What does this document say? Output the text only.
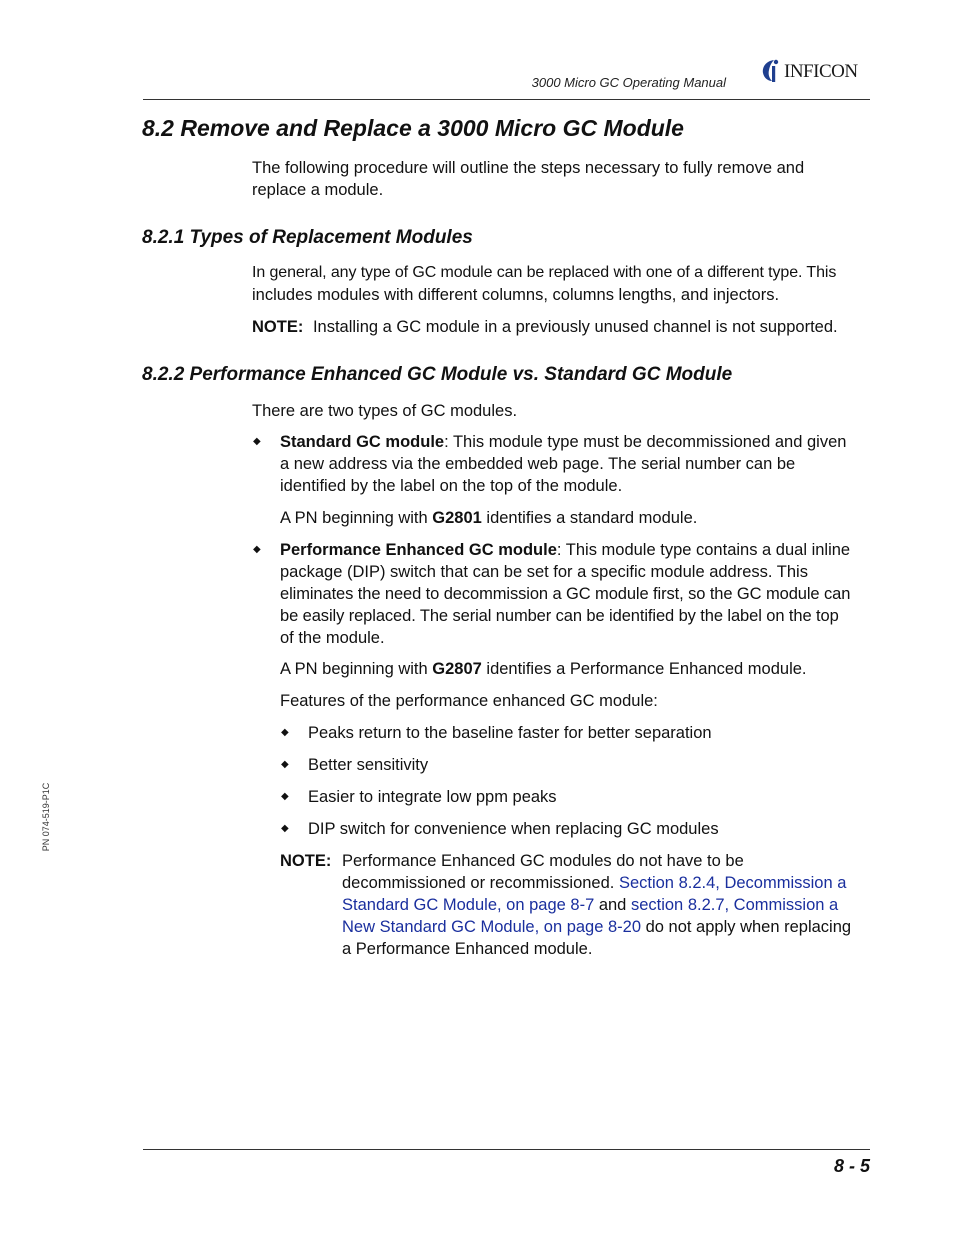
3000 Micro GC Operating Manual
INFICON
PN 074-519-P1C
8.2 Remove and Replace a 3000 Micro GC Module

The following procedure will outline the steps necessary to fully remove and

replace a module.

8.2.1 Types of Replacement Modules

In general, any type of GC module can be replaced with one of a different type. This

includes modules with different columns, columns lengths, and injectors.

NOTE: Installing a GC module in a previously unused channel is not supported.

8.2.2 Performance Enhanced GC Module vs. Standard GC Module

There are two types of GC modules.

◆ Standard GC module: This module type must be decommissioned and given

a new address via the embedded web page. The serial number can be

identified by the label on the top of the module.

A PN beginning with G2801 identifies a standard module.

◆ Performance Enhanced GC module: This module type contains a dual inline

package (DIP) switch that can be set for a specific module address. This

eliminates the need to decommission a GC module first, so the GC module can

be easily replaced. The serial number can be identified by the label on the top

of the module.

A PN beginning with G2807 identifies a Performance Enhanced module.

Features of the performance enhanced GC module:

◆ Peaks return to the baseline faster for better separation

◆ Better sensitivity

◆ Easier to integrate low ppm peaks

◆ DIP switch for convenience when replacing GC modules

NOTE: Performance Enhanced GC modules do not have to be

decommissioned or recommissioned. Section 8.2.4, Decommission a

Standard GC Module, on page 8-7 and section 8.2.7, Commission a

New Standard GC Module, on page 8-20 do not apply when replacing

a Performance Enhanced module.

8 - 5
